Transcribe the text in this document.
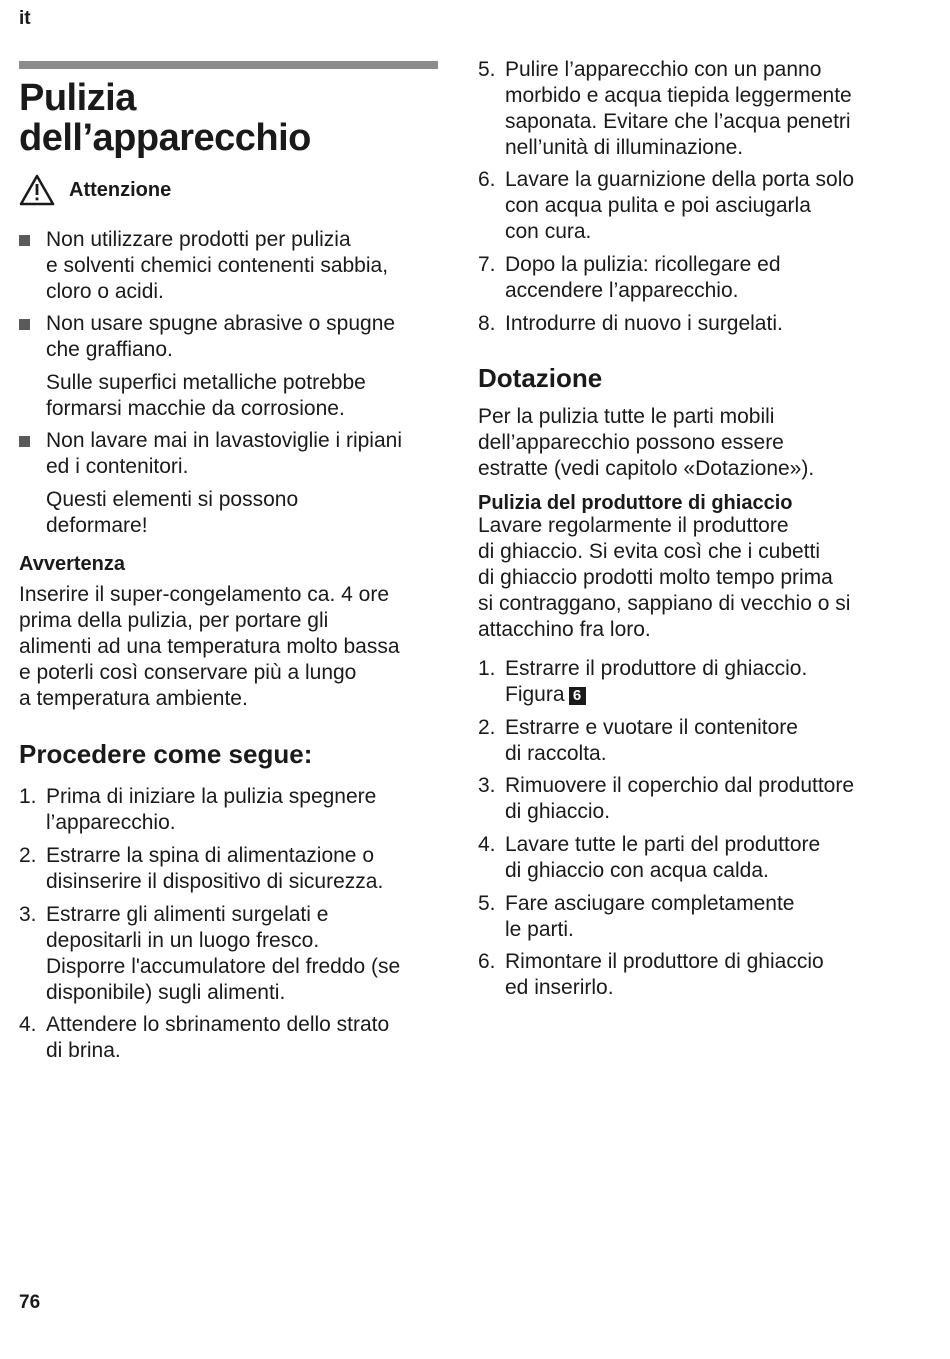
it
76
Pulizia
dell’apparecchio
Attenzione
Non utilizzare prodotti per pulizia
e solventi chemici contenenti sabbia,
cloro o acidi.
Non usare spugne abrasive o spugne
che graffiano.
Sulle superfici metalliche potrebbe
formarsi macchie da corrosione.
Non lavare mai in lavastoviglie i ripiani
ed i contenitori.
Questi elementi si possono
deformare!
Avvertenza
Inserire il super-congelamento ca. 4 ore
prima della pulizia, per portare gli
alimenti ad una temperatura molto bassa
e poterli così conservare più a lungo
a temperatura ambiente.
Procedere come segue:
1. Prima di iniziare la pulizia spegnere
l’apparecchio.
2. Estrarre la spina di alimentazione o
disinserire il dispositivo di sicurezza.
3. Estrarre gli alimenti surgelati e
depositarli in un luogo fresco.
Disporre l'accumulatore del freddo (se
disponibile) sugli alimenti.
4. Attendere lo sbrinamento dello strato
di brina.
5. Pulire l’apparecchio con un panno
morbido e acqua tiepida leggermente
saponata. Evitare che l’acqua penetri
nell’unità di illuminazione.
6. Lavare la guarnizione della porta solo
con acqua pulita e poi asciugarla
con cura.
7. Dopo la pulizia: ricollegare ed
accendere l’apparecchio.
8. Introdurre di nuovo i surgelati.
Dotazione
Per la pulizia tutte le parti mobili
dell’apparecchio possono essere
estratte (vedi capitolo «Dotazione»).
Pulizia del produttore di ghiaccio
Lavare regolarmente il produttore
di ghiaccio. Si evita così che i cubetti
di ghiaccio prodotti molto tempo prima
si contraggano, sappiano di vecchio o si
attacchino fra loro.
1. Estrarre il produttore di ghiaccio.
Figura 6
2. Estrarre e vuotare il contenitore
di raccolta.
3. Rimuovere il coperchio dal produttore
di ghiaccio.
4. Lavare tutte le parti del produttore
di ghiaccio con acqua calda.
5. Fare asciugare completamente
le parti.
6. Rimontare il produttore di ghiaccio
ed inserirlo.
